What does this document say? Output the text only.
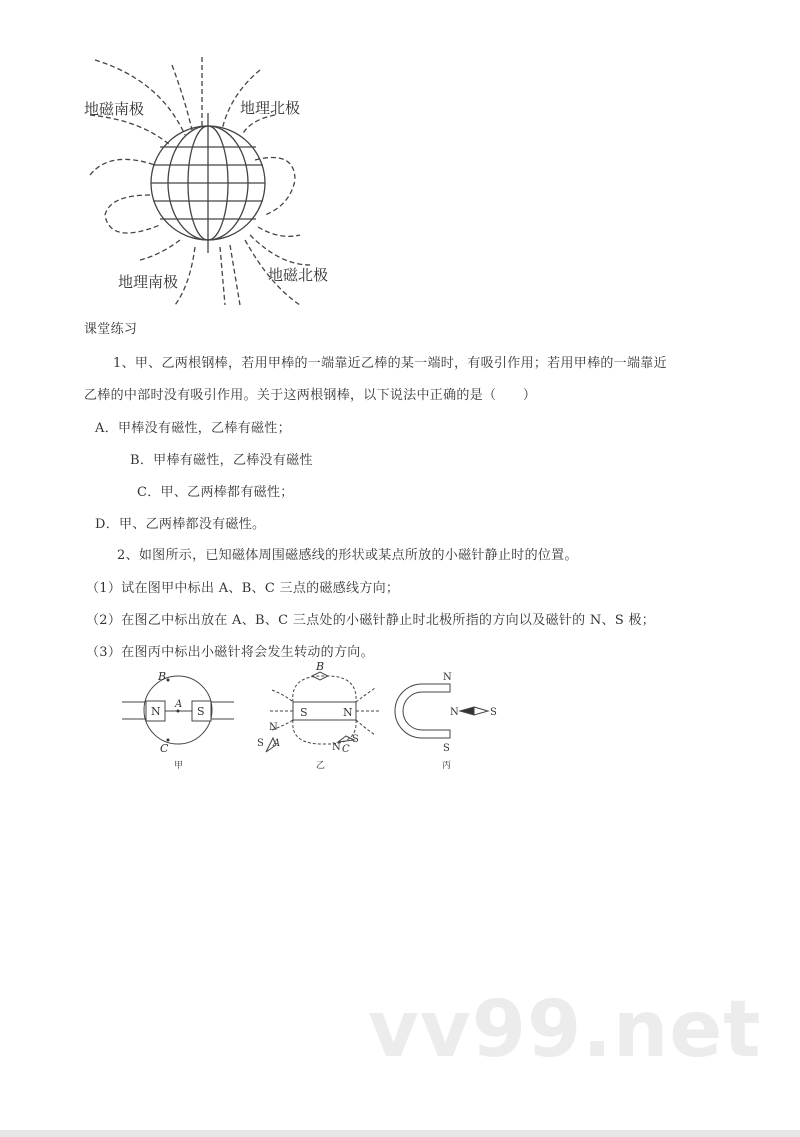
地磁南极	地理北极
地理南极	地磁北极
课堂练习
1、甲、乙两根钢棒，若用甲棒的一端靠近乙棒的某一端时，有吸引作用；若用甲棒的一端靠近
乙棒的中部时没有吸引作用。关于这两根钢棒，以下说法中正确的是（　　）
A．甲棒没有磁性，乙棒有磁性；
B．甲棒有磁性，乙棒没有磁性
C．甲、乙两棒都有磁性；
D．甲、乙两棒都没有磁性。
2、如图所示，已知磁体周围磁感线的形状或某点所放的小磁针静止时的位置。
（1）试在图甲中标出 A、B、C 三点的磁感线方向；
（2）在图乙中标出放在 A、B、C 三点处的小磁针静止时北极所指的方向以及磁针的 N、S 极；
（3）在图丙中标出小磁针将会发生转动的方向。
N	S
A
B
C
甲
S	N
B
N
S A	N
S
C
乙
N
S
N	S
丙
vv99.net
